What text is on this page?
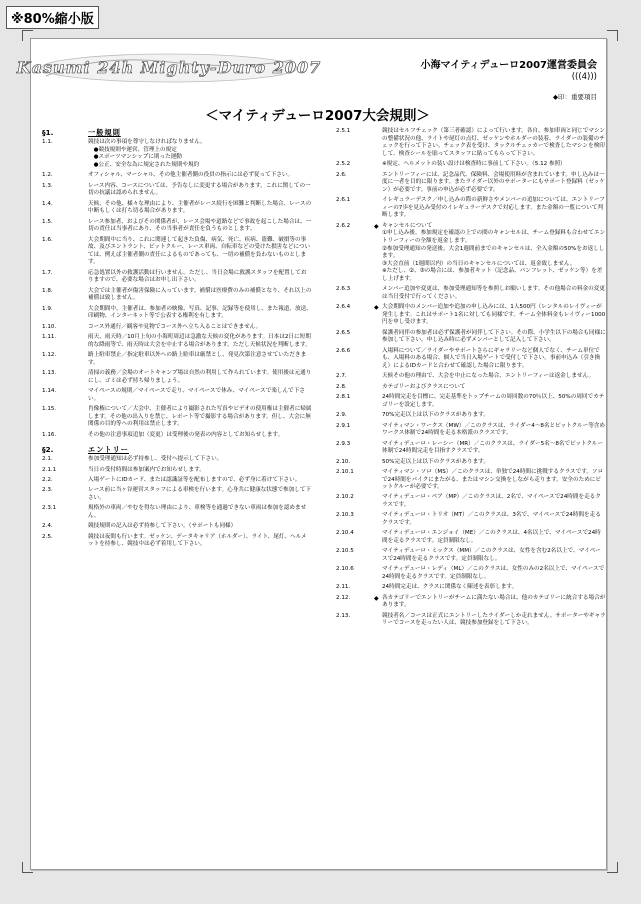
※80%縮小版
Kasumi 24h Mighty-Duro 2007	小海マイティデューロ2007運営委員会
(((4)))
◆印：重要項目
＜マイティデューロ2007大会規則＞
§1.	一般規則
1.1.	競技は次の事項を尊守しなければなりません。
　●競技規則や運営、管理上の規定
　●スポーツマンシップに則った運動
　●公正、安全な為に規定された規則や規約
1.2.	オフィシャル、マーシャル、その他主催者側の役員の指示には必ず従って下さい。
1.3.	レース内容、コースについては、予告なしに変更する場合があります。これに関しての一切の抗議は認められません。
1.4.	天候、その他、様々な理由により、主催者がレース続行を困難と判断した場合、レースの中断もしくは打ち切る場合があります。
1.5.	レース参加者、およびその関係者が、レース会場や道路などで事故を起こした場合は、一切の責任は当事者にあり、その当事者が責任を負うものとします。
1.6.	大会期間中に当り、これに関連して起きた負傷、病気、死亡、疾病、盗難、破損等の事故、及びエントラント、ピットクルー、レース車両、自転車などの受けた損害などについては、例えば主催者側の責任によるものであっても、一切の補償を負わないものとします。
1.7.	応急処置以外の救護活動は行いません。ただし、当日会場に救護スタッフを配置しておりますので、必要な場合はお申し出下さい。
1.8.	大会では主催者が傷害保険に入っています。補償は医療費のみの補償となり、それ以上の補償は致しません。
1.9.	大会期間中、主催者は、参加者の映像、写真、記事、記録等を使用し、また報道、放送、印刷物、インターネット等で公表する権利を有します。
1.10.	コース外通行／観客や見物でコース外へ立ち入ることはできません。
1.11.	雨天、雨天時／10月上旬の小海町周辺は急激な天候の変化があります。日本は2日に短期的な降雨等で、雨天時は大会を中止する場合があります。ただし天候状況を判断します。
1.12.	路上駐車禁止／指定駐車以外への路上駐車は厳禁とし、発見次第注意させていただきます。
1.13.	清掃の義務／会場のオートキャンプ場は自然の利用して作られています。使用後は元通りにし、ゴミは必ず持ち帰りましょう。
1.14.	マイペースの規則／マイペースで走り、マイペースで休み、マイペースで楽しんで下さい。
1.15.	肖像権について／大会中、主催者により撮影された写真やビデオの使用権は主催者に帰属します。その他の出入りを禁じ、レポート等で撮影する場合があります。但し、大会に無関係の目的等への利用は禁止します。
1.16.	その他の注意事項追加（変更）は受理後の発表の内容としてお知らせします。
§2.	エントリー
2.1.	参加受理通知は必ず持参し、受付へ提示して下さい。
2.1.1	当日の受付時間は参加案内でお知らせします。
2.2.	入場ゲートにIDカード、または認識証等を配布しますので、必ず身に着けて下さい。
2.3.	レース前に当ヶ谷運営スタッフによる車検を行います。心身共に健康な状態で参加して下さい。
2.3.1	規格外の車両／やむを得ない理由により、車検等を通過できない車両は参加を認めません。
2.4.	競技規則の記入は必ず持参して下さい。（サポートも同様）
2.5.	競技は夜間も行います。ゼッケン、データキャリア（ホルダー）、ライト、尾灯、ヘルメットを持参し、競技中は必ず着用して下さい。
2.5.1	競技はセルフチェック（第三者確認）によって行います。各自、参加車両と同じでマシンの整備状況の他、ライトや尾灯の点灯、ゼッケンやホルダーの装着、ライダーの装備のチェックを行って下さい。チェック表を受け、タックルチェッカーで検査したマシンを検印して、検査シールを貼ってスタッフに貼ってもらって下さい。
2.5.2	※規定、ヘルメットの装い設けは検査時に事前して下さい。（5.12 参照）
2.6.	エントリーフィーには、記念品代、保険料、会場使用料が含まれています。申し込みは一度に一者を目的に限ります。またライダー以外のサポーターにもサポート登録料（ゼッケン）が必要です。事前の申込が必ず必要です。
2.6.1	イレギュラーデスク／申し込みの際の新鮮さやメンバーの追加については、エントリーフィーの7歩を見込み受付のイレギュラーデスクで対応します。また金額の一覧について判断します。
2.6.2	◆ キャンセルについて
①申し込み後、参加規定を確認の上での間のキャンセルは、チーム登録料も合わせてエントリーフィーの全額を返金します。
②参加受理通知の発送後、大会1週間前までのキャンセルは、全入金額の50%をお返しします。
③大会直前（1週間以内）の当日のキャンセルについては、返金致しません。
※ただし、②、③の場合には、参加者キット（記念品、パンフレット、ゼッケン等）を差し上げます。
2.6.3	メンバー追加や変更は、参加受理通知等を参照しお願いします。その他場合の料金の変更は当日受付で行ってください。
2.6.4	◆ 大会期間中のメンバー追加や追加の申し込みには、1人500円（レンタルのレイヴィーが発生します。これはサポート1名に対しても同様です。チーム全体料金もレイヴィー1000円を申し受けます。
2.6.5	保護者同伴の参加者は必ず保護者が同伴して下さい。その際、小学生以下の場合も同様に参加して下さい。申し込み時に必ずメンバーとして記入して下さい。
2.6.6	入場料について／ライダーやサポートさらにギャラリーなど個人でなく、チーム単位でも、入場料のある場合、個人で当日入場ゲートで受付しで下さい。事前申込み（引き換え）によるIDカードと合わせて確認した場合に限ります。
2.7.	天候その他の理由で、大会を中止になった場合、エントリーフィーは返金しません。
2.8.	カテゴリーおよびクラスについて
2.8.1	24時間完走を目標に、完走基準をトップチームの周回数の70％以上、50%の周回でカテゴリーを設定します。
2.9.	70%完走以上は以下のクラスがあります。
2.9.1	マイティマン・ワークス（MW）／このクラスは、ライダー4〜8名とピットクルー等含めワークス体制で24時間を走る本格派のクラスです。
2.9.3	マイティデューロ・レーシー（MR）／このクラスは、ライダー5名〜8名でピットクルー体制で24時間完走を目指すクラスです。
2.10.	50%完走以上は以下のクラスがあります。
2.10.1	マイティマン・ソロ（MS）／このクラスは、単独で24時間に挑戦するクラスです。ソロで24時間をバイクにまたがる、またはマシン交換をしながら走ります。安全のためにピットクルーが必要です。
2.10.2	マイティデューロ・ペア（MP）／このクラスは、2名で、マイペースで24時間を走るクラスです。
2.10.3	マイティデューロ・トリオ（MT）／このクラスは、3名で、マイペースで24時間を走るクラスです。
2.10.4	マイティデューロ・エンジョイ（ME）／このクラスは、4名以上で、マイペースで24時間を走るクラスです。定員制限なし。
2.10.5	マイティデューロ・ミックス（MM）／このクラスは、女性を含む2名以上で、マイペースで24時間を走るクラスです。定員制限なし。
2.10.6	マイティデューロ・レディ（ML）／このクラスは、女性のみの2名以上で、マイペースで24時間を走るクラスです。定員制限なし。
2.11.	24時間完走は、クラスに関係なく陳述を表彰します。
2.12.	◆ 各カテゴリーでエントリーがチームに満たない場合は、他のカテゴリーに統合する場合があります。
2.13.	競技者名／コースは正式にエントリーしたライダーしか走れません。サポーターやギャラリーでコースを走ったい人は、競技参加登録をして下さい。
